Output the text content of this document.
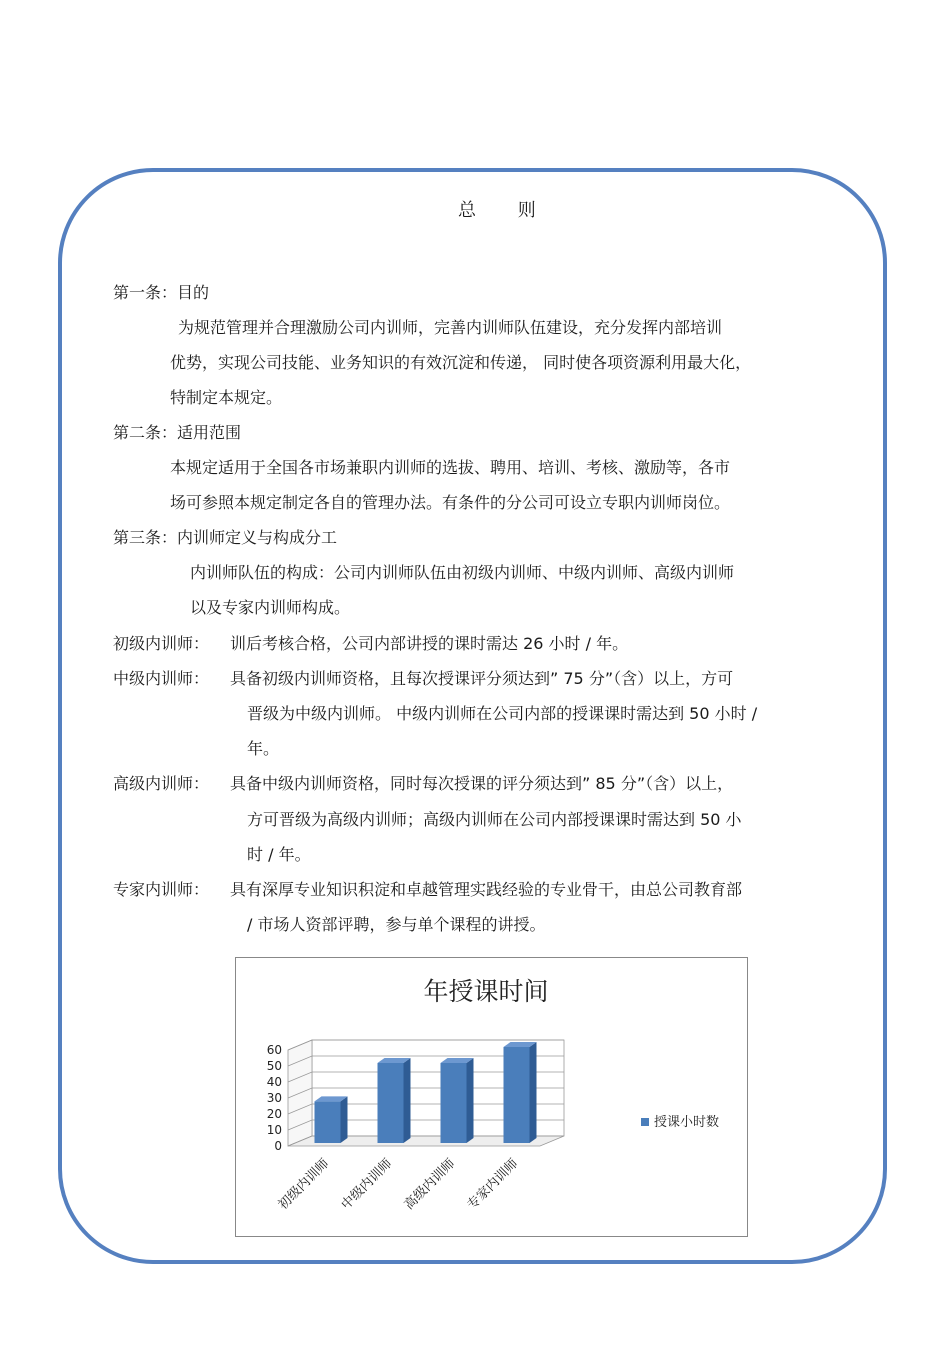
总 则
第一条：目的
为规范管理并合理激励公司内训师，完善内训师队伍建设，充分发挥内部培训
优势，实现公司技能、业务知识的有效沉淀和传递， 同时使各项资源利用最大化，
特制定本规定。
第二条：适用范围
本规定适用于全国各市场兼职内训师的选拔、聘用、培训、考核、激励等，各市
场可参照本规定制定各自的管理办法。有条件的分公司可设立专职内训师岗位。
第三条：内训师定义与构成分工
内训师队伍的构成：公司内训师队伍由初级内训师、中级内训师、高级内训师
以及专家内训师构成。
初级内训师： 训后考核合格，公司内部讲授的课时需达 26 小时 / 年。
中级内训师： 具备初级内训师资格，且每次授课评分须达到” 75 分”（含）以上，方可
晋级为中级内训师。 中级内训师在公司内部的授课课时需达到 50 小时 /
年。
高级内训师： 具备中级内训师资格，同时每次授课的评分须达到” 85 分”（含）以上，
方可晋级为高级内训师；高级内训师在公司内部授课课时需达到 50 小
时 / 年。
专家内训师： 具有深厚专业知识积淀和卓越管理实践经验的专业骨干，由总公司教育部
/ 市场人资部评聘，参与单个课程的讲授。
年授课时间
0
10
20
30
40
50
60
初级内训师 中级内训师 高级内训师 专家内训师
授课小时数
